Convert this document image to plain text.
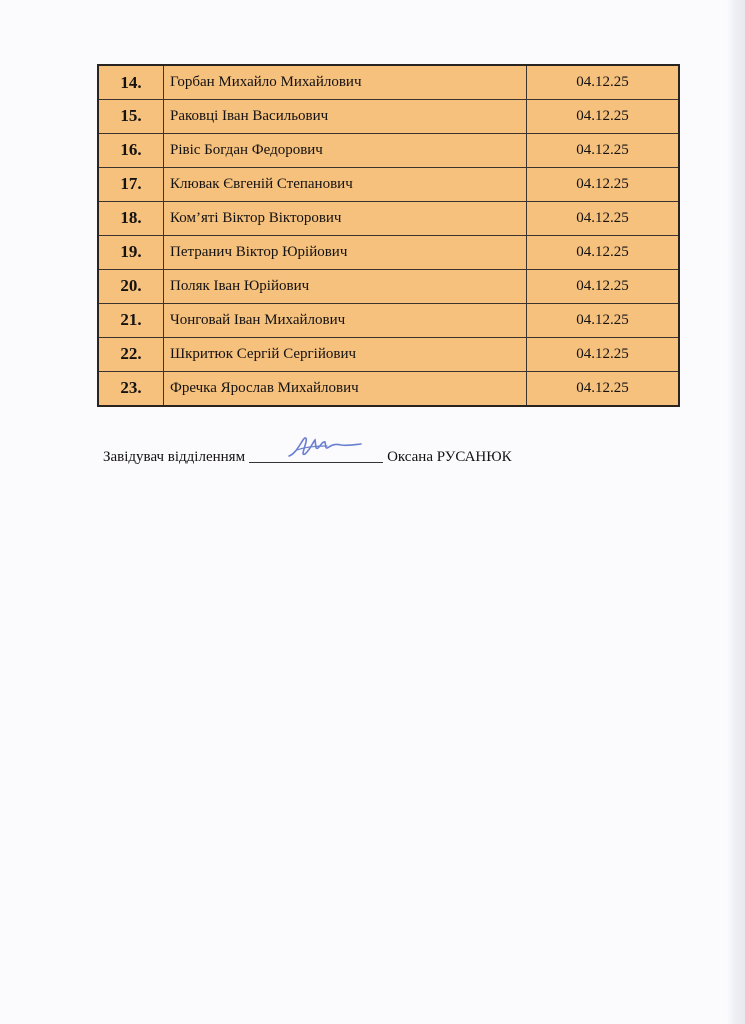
14.	Горбан Михайло Михайлович	04.12.25
15.	Раковці Іван Васильович	04.12.25
16.	Рівіс Богдан Федорович	04.12.25
17.	Клювак Євгеній Степанович	04.12.25
18.	Ком’яті Віктор Вікторович	04.12.25
19.	Петранич Віктор Юрійович	04.12.25
20.	Поляк Іван Юрійович	04.12.25
21.	Чонговай Іван Михайлович	04.12.25
22.	Шкритюк Сергій Сергійович	04.12.25
23.	Фречка Ярослав Михайлович	04.12.25
Завідувач відділенням	Оксана РУСАНЮК
